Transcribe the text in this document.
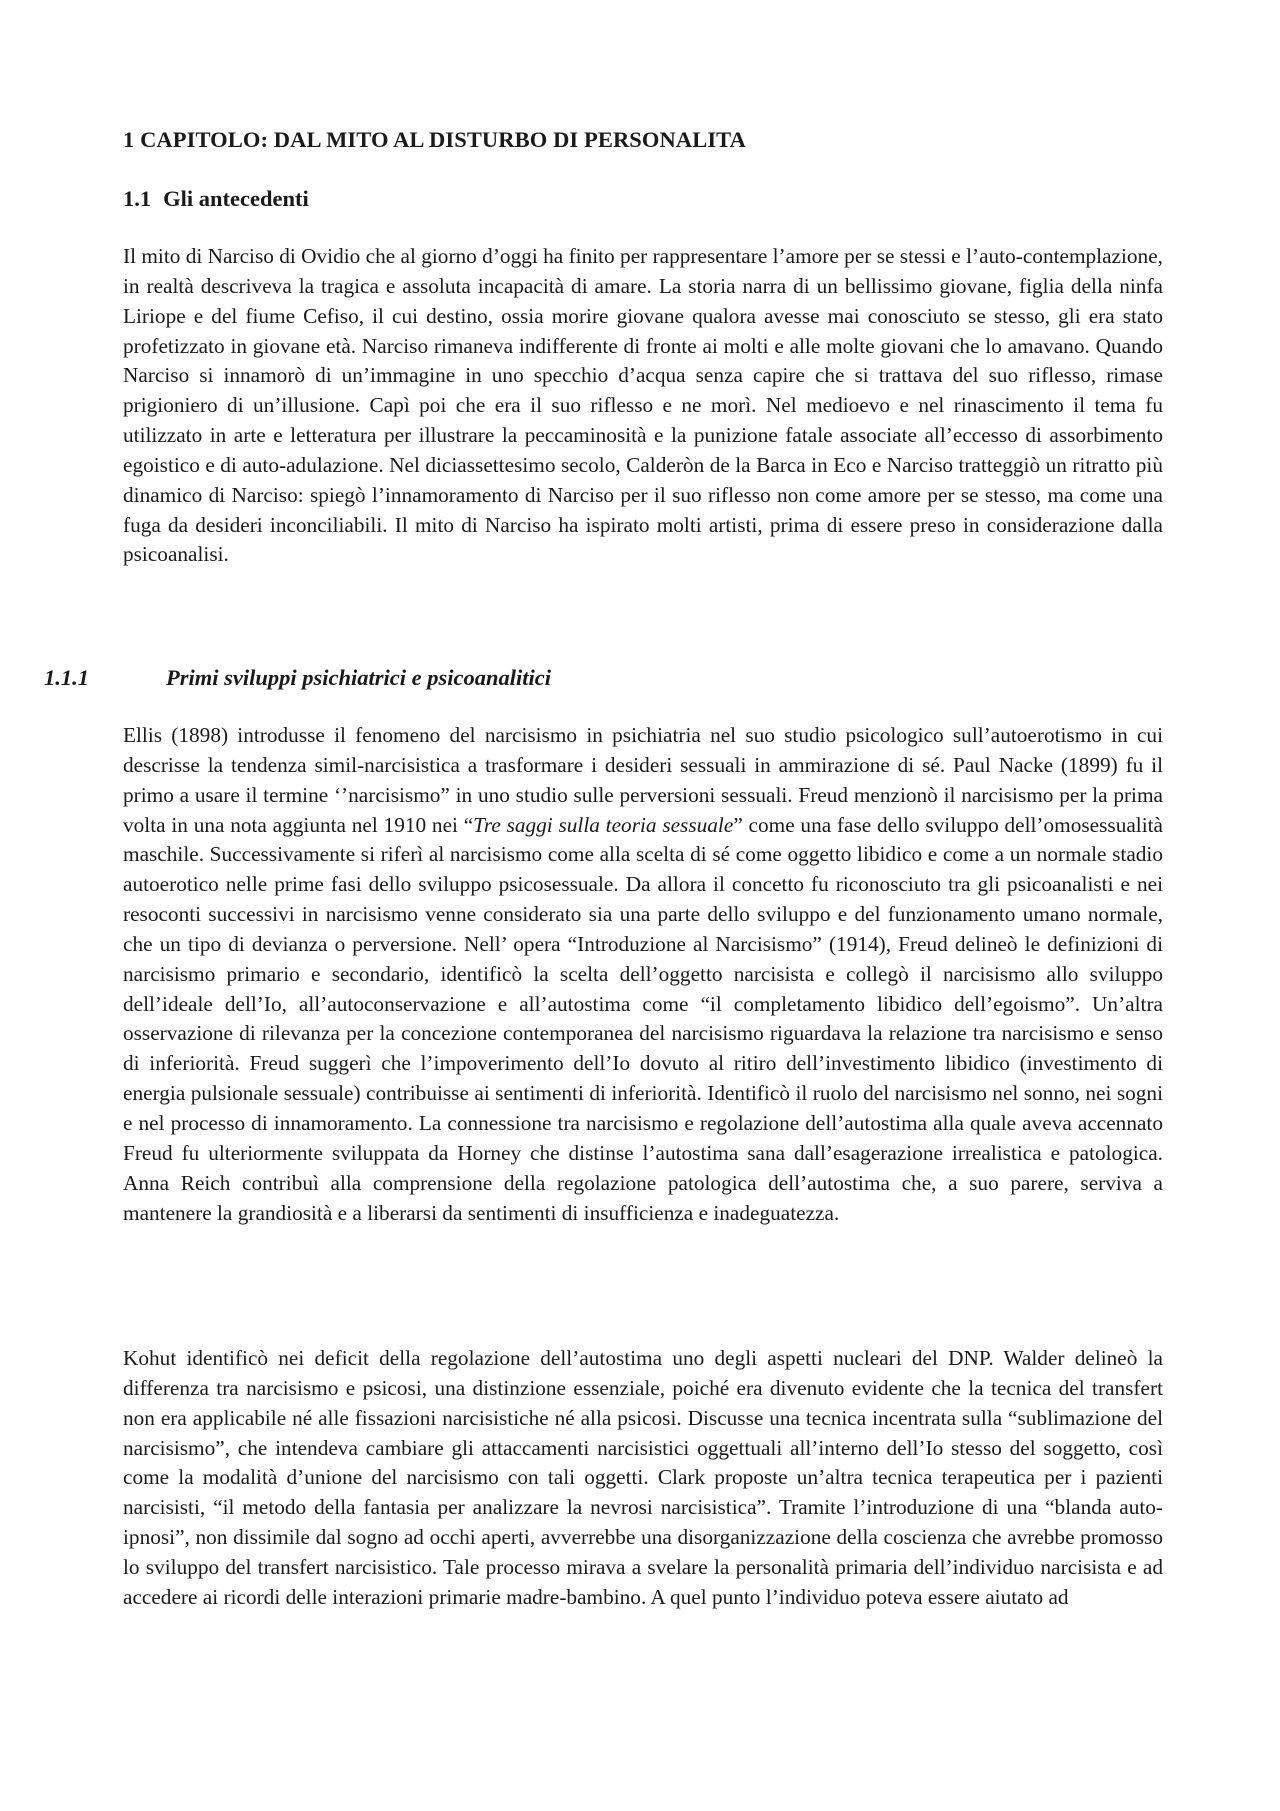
1 CAPITOLO: DAL MITO AL DISTURBO DI PERSONALITA
1.1 Gli antecedenti

Il mito di Narciso di Ovidio che al giorno d’oggi ha finito per rappresentare l’amore per se stessi e l’auto-contemplazione, in realtà descriveva la tragica e assoluta incapacità di amare. La storia narra di un bellissimo giovane, figlia della ninfa Liriope e del fiume Cefiso, il cui destino, ossia morire giovane qualora avesse mai conosciuto se stesso, gli era stato profetizzato in giovane età. Narciso rimaneva indifferente di fronte ai molti e alle molte giovani che lo amavano. Quando Narciso si innamorò di un’immagine in uno specchio d’acqua senza capire che si trattava del suo riflesso, rimase prigioniero di un’illusione. Capì poi che era il suo riflesso e ne morì. Nel medioevo e nel rinascimento il tema fu utilizzato in arte e letteratura per illustrare la peccaminosità e la punizione fatale associate all’eccesso di assorbimento egoistico e di auto-adulazione. Nel diciassettesimo secolo, Calderòn de la Barca in Eco e Narciso tratteggiò un ritratto più dinamico di Narciso: spiegò l’innamoramento di Narciso per il suo riflesso non come amore per se stesso, ma come una fuga da desideri inconciliabili. Il mito di Narciso ha ispirato molti artisti, prima di essere preso in considerazione dalla psicoanalisi.

1.1.1	Primi sviluppi psichiatrici e psicoanalitici

Ellis (1898) introdusse il fenomeno del narcisismo in psichiatria nel suo studio psicologico sull’autoerotismo in cui descrisse la tendenza simil-narcisistica a trasformare i desideri sessuali in ammirazione di sé. Paul Nacke (1899) fu il primo a usare il termine ‘’narcisismo” in uno studio sulle perversioni sessuali. Freud menzionò il narcisismo per la prima volta in una nota aggiunta nel 1910 nei “Tre saggi sulla teoria sessuale” come una fase dello sviluppo dell’omosessualità maschile. Successivamente si riferì al narcisismo come alla scelta di sé come oggetto libidico e come a un normale stadio autoerotico nelle prime fasi dello sviluppo psicosessuale. Da allora il concetto fu riconosciuto tra gli psicoanalisti e nei resoconti successivi in narcisismo venne considerato sia una parte dello sviluppo e del funzionamento umano normale, che un tipo di devianza o perversione. Nell’ opera “Introduzione al Narcisismo” (1914), Freud delineò le definizioni di narcisismo primario e secondario, identificò la scelta dell’oggetto narcisista e collegò il narcisismo allo sviluppo dell’ideale dell’Io, all’autoconservazione e all’autostima come “il completamento libidico dell’egoismo”. Un’altra osservazione di rilevanza per la concezione contemporanea del narcisismo riguardava la relazione tra narcisismo e senso di inferiorità. Freud suggerì che l’impoverimento dell’Io dovuto al ritiro dell’investimento libidico (investimento di energia pulsionale sessuale) contribuisse ai sentimenti di inferiorità. Identificò il ruolo del narcisismo nel sonno, nei sogni e nel processo di innamoramento. La connessione tra narcisismo e regolazione dell’autostima alla quale aveva accennato Freud fu ulteriormente sviluppata da Horney che distinse l’autostima sana dall’esagerazione irrealistica e patologica. Anna Reich contribuì alla comprensione della regolazione patologica dell’autostima che, a suo parere, serviva a mantenere la grandiosità e a liberarsi da sentimenti di insufficienza e inadeguatezza.

Kohut identificò nei deficit della regolazione dell’autostima uno degli aspetti nucleari del DNP. Walder delineò la differenza tra narcisismo e psicosi, una distinzione essenziale, poiché era divenuto evidente che la tecnica del transfert non era applicabile né alle fissazioni narcisistiche né alla psicosi. Discusse una tecnica incentrata sulla “sublimazione del narcisismo”, che intendeva cambiare gli attaccamenti narcisistici oggettuali all’interno dell’Io stesso del soggetto, così come la modalità d’unione del narcisismo con tali oggetti. Clark proposte un’altra tecnica terapeutica per i pazienti narcisisti, “il metodo della fantasia per analizzare la nevrosi narcisistica”. Tramite l’introduzione di una “blanda auto-ipnosi”, non dissimile dal sogno ad occhi aperti, avverrebbe una disorganizzazione della coscienza che avrebbe promosso lo sviluppo del transfert narcisistico. Tale processo mirava a svelare la personalità primaria dell’individuo narcisista e ad accedere ai ricordi delle interazioni primarie madre-bambino. A quel punto l’individuo poteva essere aiutato ad
